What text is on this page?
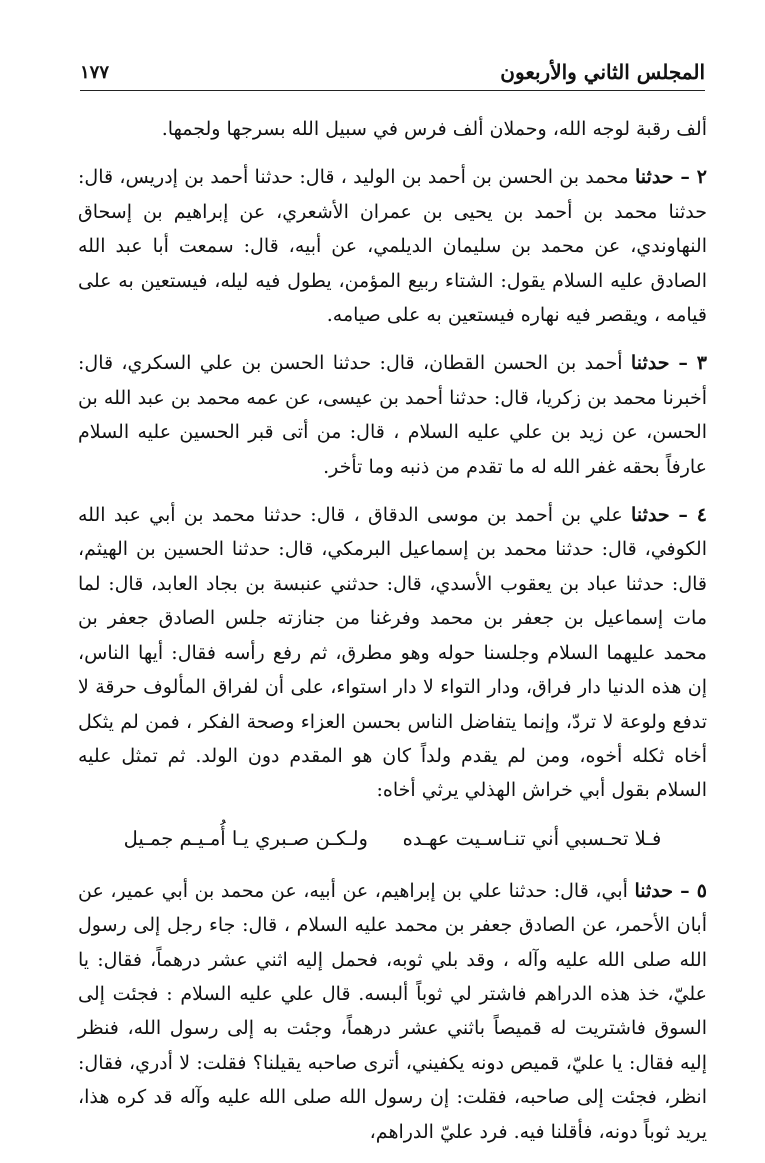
المجلس الثاني والأربعون
١٧٧

ألف رقبة لوجه الله، وحملان ألف فرس في سبيل الله بسرجها ولجمها.

٢ – حدثنا محمد بن الحسن بن أحمد بن الوليد ، قال: حدثنا أحمد بن إدريس، قال: حدثنا محمد بن أحمد بن يحيى بن عمران الأشعري، عن إبراهيم بن إسحاق النهاوندي، عن محمد بن سليمان الديلمي، عن أبيه، قال: سمعت أبا عبد الله الصادق عليه السلام يقول: الشتاء ربيع المؤمن، يطول فيه ليله، فيستعين به على قيامه ، ويقصر فيه نهاره فيستعين به على صيامه.

٣ – حدثنا أحمد بن الحسن القطان، قال: حدثنا الحسن بن علي السكري، قال: أخبرنا محمد بن زكريا، قال: حدثنا أحمد بن عيسى، عن عمه محمد بن عبد الله بن الحسن، عن زيد بن علي عليه السلام ، قال: من أتى قبر الحسين عليه السلام عارفاً بحقه غفر الله له ما تقدم من ذنبه وما تأخر.

٤ – حدثنا علي بن أحمد بن موسى الدقاق ، قال: حدثنا محمد بن أبي عبد الله الكوفي، قال: حدثنا محمد بن إسماعيل البرمكي، قال: حدثنا الحسين بن الهيثم، قال: حدثنا عباد بن يعقوب الأسدي، قال: حدثني عنبسة بن بجاد العابد، قال: لما مات إسماعيل بن جعفر بن محمد وفرغنا من جنازته جلس الصادق جعفر بن محمد عليهما السلام وجلسنا حوله وهو مطرق، ثم رفع رأسه فقال: أيها الناس، إن هذه الدنيا دار فراق، ودار التواء لا دار استواء، على أن لفراق المألوف حرقة لا تدفع ولوعة لا تردّ، وإنما يتفاضل الناس بحسن العزاء وصحة الفكر ، فمن لم يثكل أخاه ثكله أخوه، ومن لم يقدم ولداً كان هو المقدم دون الولد. ثم تمثل عليه السلام بقول أبي خراش الهذلي يرثي أخاه:

فـلا تحـسبي أني تنـاسـيت عهـده ولـكـن صـبري يـا أُمـيـم جمـيل

٥ – حدثنا أبي، قال: حدثنا علي بن إبراهيم، عن أبيه، عن محمد بن أبي عمير، عن أبان الأحمر، عن الصادق جعفر بن محمد عليه السلام ، قال: جاء رجل إلى رسول الله صلى الله عليه وآله ، وقد بلي ثوبه، فحمل إليه اثني عشر درهماً، فقال: يا عليّ، خذ هذه الدراهم فاشتر لي ثوباً ألبسه. قال علي عليه السلام : فجئت إلى السوق فاشتريت له قميصاً باثني عشر درهماً، وجئت به إلى رسول الله، فنظر إليه فقال: يا عليّ، قميص دونه يكفيني، أترى صاحبه يقيلنا؟ فقلت: لا أدري، فقال: انظر، فجئت إلى صاحبه، فقلت: إن رسول الله صلى الله عليه وآله قد كره هذا، يريد ثوباً دونه، فأقلنا فيه. فرد عليّ الدراهم،
